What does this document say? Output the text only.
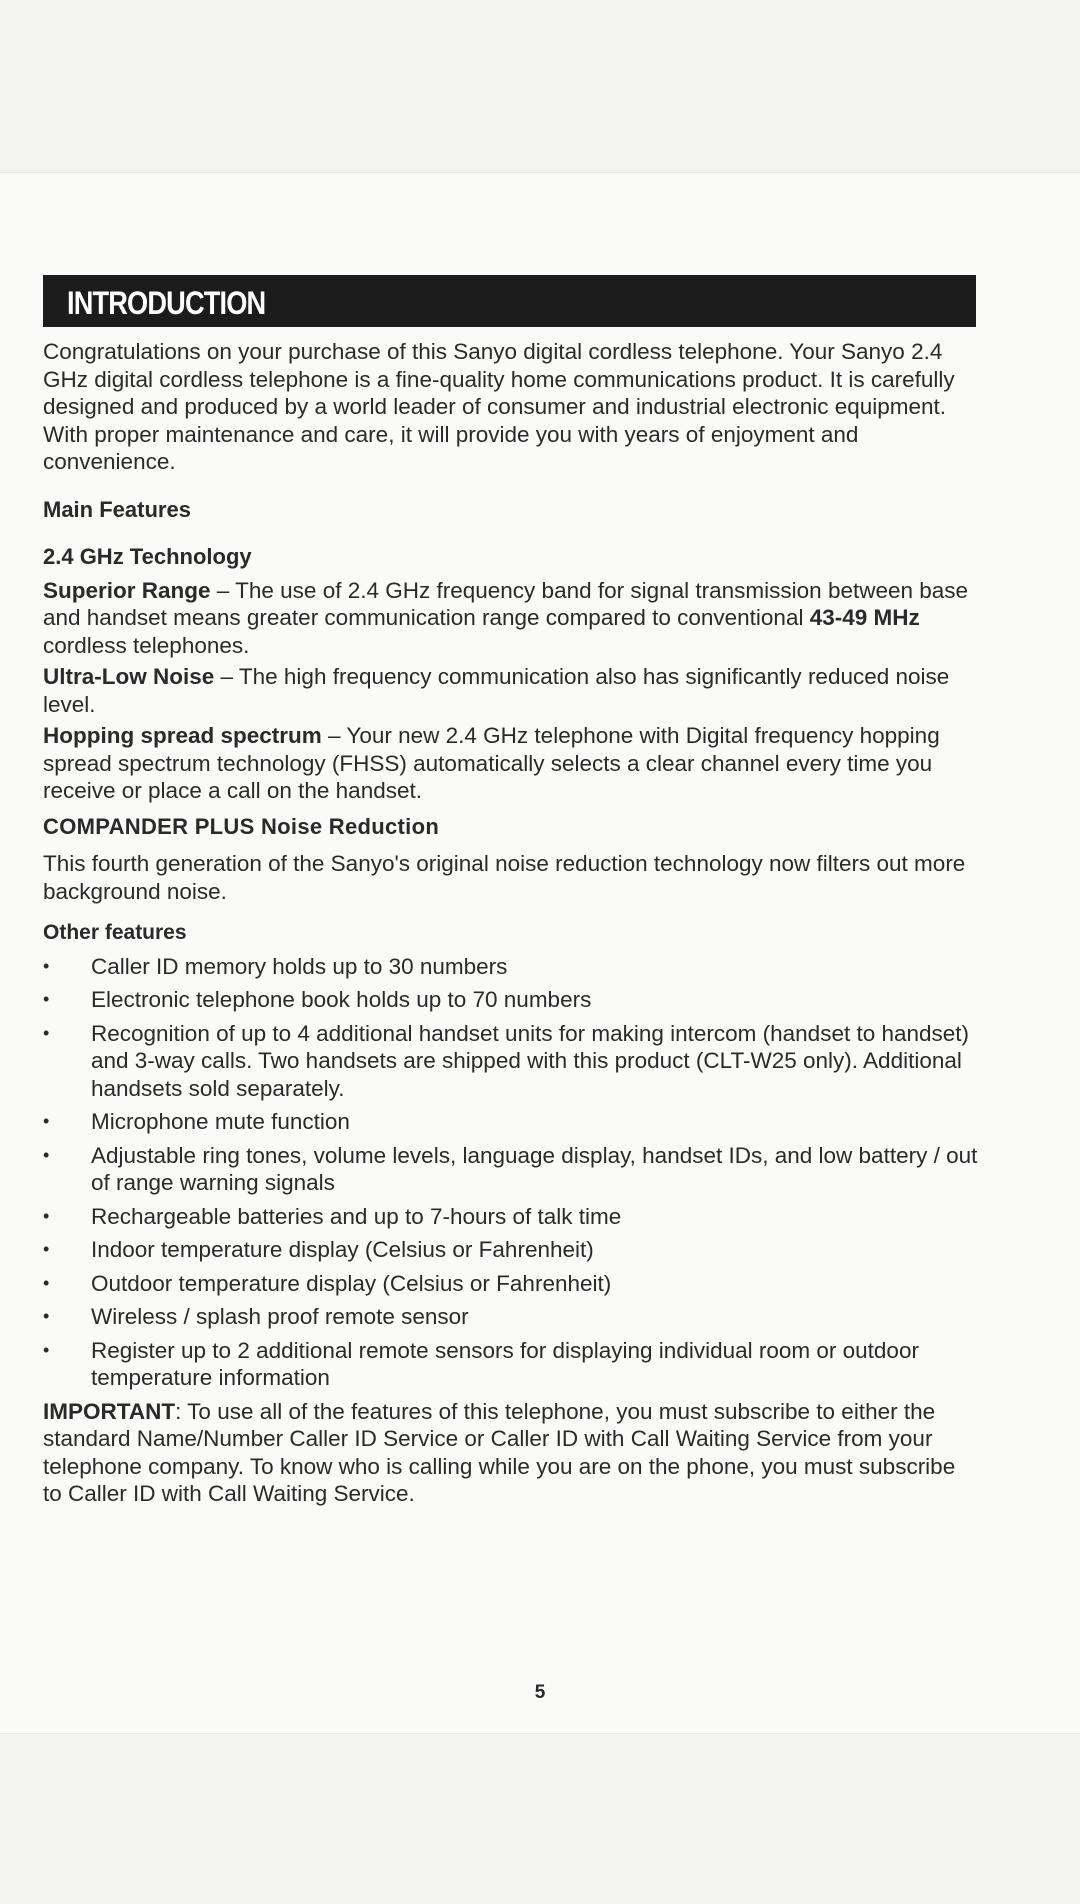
INTRODUCTION

Congratulations on your purchase of this Sanyo digital cordless telephone. Your Sanyo 2.4 GHz digital cordless telephone is a fine-quality home communications product. It is carefully designed and produced by a world leader of consumer and industrial electronic equipment. With proper maintenance and care, it will provide you with years of enjoyment and convenience.

Main Features

2.4 GHz Technology

Superior Range – The use of 2.4 GHz frequency band for signal transmission between base and handset means greater communication range compared to conventional 43-49 MHz cordless telephones.

Ultra-Low Noise – The high frequency communication also has significantly reduced noise level.

Hopping spread spectrum – Your new 2.4 GHz telephone with Digital frequency hopping spread spectrum technology (FHSS) automatically selects a clear channel every time you receive or place a call on the handset.

COMPANDER PLUS Noise Reduction

This fourth generation of the Sanyo's original noise reduction technology now filters out more background noise.

Other features

•	Caller ID memory holds up to 30 numbers
•	Electronic telephone book holds up to 70 numbers
•	Recognition of up to 4 additional handset units for making intercom (handset to handset) and 3-way calls. Two handsets are shipped with this product (CLT-W25 only). Additional handsets sold separately.
•	Microphone mute function
•	Adjustable ring tones, volume levels, language display, handset IDs, and low battery / out of range warning signals
•	Rechargeable batteries and up to 7-hours of talk time
•	Indoor temperature display (Celsius or Fahrenheit)
•	Outdoor temperature display (Celsius or Fahrenheit)
•	Wireless / splash proof remote sensor
•	Register up to 2 additional remote sensors for displaying individual room or outdoor temperature information

IMPORTANT: To use all of the features of this telephone, you must subscribe to either the standard Name/Number Caller ID Service or Caller ID with Call Waiting Service from your telephone company. To know who is calling while you are on the phone, you must subscribe to Caller ID with Call Waiting Service.

5
